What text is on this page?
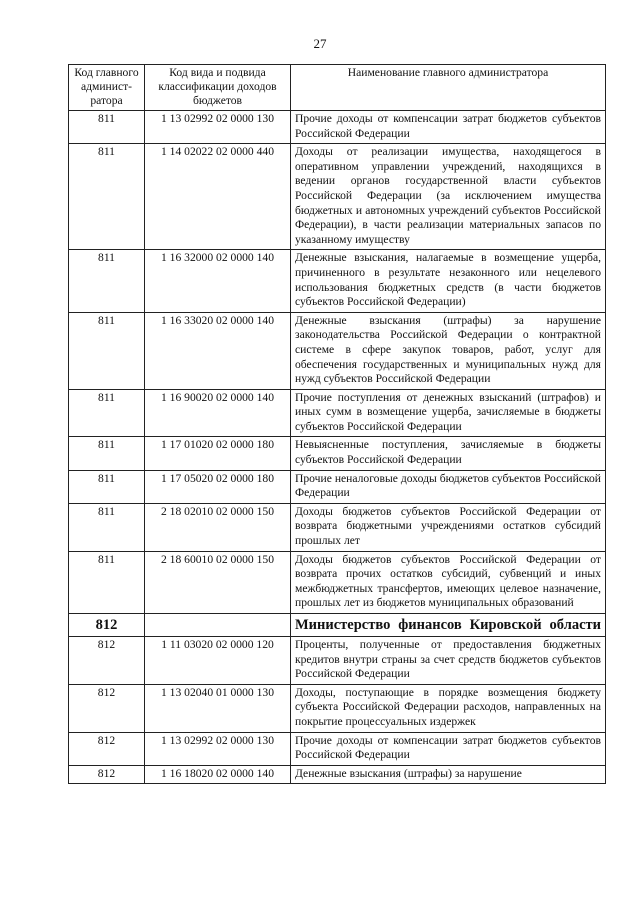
27
Код главного админист-ратора	Код вида и подвида классификации доходов бюджетов	Наименование главного администратора
811	1 13 02992 02 0000 130	Прочие доходы от компенсации затрат бюджетов субъектов Российской Федерации
811	1 14 02022 02 0000 440	Доходы от реализации имущества, находящегося в оперативном управлении учреждений, находящихся в ведении органов государственной власти субъектов Российской Федерации (за исключением имущества бюджетных и автономных учреждений субъектов Российской Федерации), в части реализации материальных запасов по указанному имуществу
811	1 16 32000 02 0000 140	Денежные взыскания, налагаемые в возмещение ущерба, причиненного в результате незаконного или нецелевого использования бюджетных средств (в части бюджетов субъектов Российской Федерации)
811	1 16 33020 02 0000 140	Денежные взыскания (штрафы) за нарушение законодательства Российской Федерации о контрактной системе в сфере закупок товаров, работ, услуг для обеспечения государственных и муниципальных нужд для нужд субъектов Российской Федерации
811	1 16 90020 02 0000 140	Прочие поступления от денежных взысканий (штрафов) и иных сумм в возмещение ущерба, зачисляемые в бюджеты субъектов Российской Федерации
811	1 17 01020 02 0000 180	Невыясненные поступления, зачисляемые в бюджеты субъектов Российской Федерации
811	1 17 05020 02 0000 180	Прочие неналоговые доходы бюджетов субъектов Российской Федерации
811	2 18 02010 02 0000 150	Доходы бюджетов субъектов Российской Федерации от возврата бюджетными учреждениями остатков субсидий прошлых лет
811	2 18 60010 02 0000 150	Доходы бюджетов субъектов Российской Федерации от возврата прочих остатков субсидий, субвенций и иных межбюджетных трансфертов, имеющих целевое назначение, прошлых лет из бюджетов муниципальных образований
812		Министерство финансов Кировской области
812	1 11 03020 02 0000 120	Проценты, полученные от предоставления бюджетных кредитов внутри страны за счет средств бюджетов субъектов Российской Федерации
812	1 13 02040 01 0000 130	Доходы, поступающие в порядке возмещения бюджету субъекта Российской Федерации расходов, направленных на покрытие процессуальных издержек
812	1 13 02992 02 0000 130	Прочие доходы от компенсации затрат бюджетов субъектов Российской Федерации
812	1 16 18020 02 0000 140	Денежные взыскания (штрафы) за нарушение
